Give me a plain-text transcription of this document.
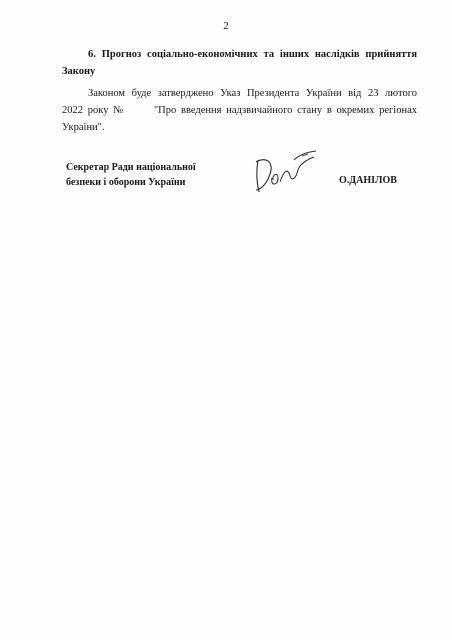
2
6. Прогноз соціально-економічних та інших наслідків прийняття
Закону
Законом буде затверджено Указ Президента України від 23 лютого
2022 року №      "Про введення надзвичайного стану в окремих регіонах
України".
Секретар Ради національної
безпеки і оборони України	О.ДАНІЛОВ
